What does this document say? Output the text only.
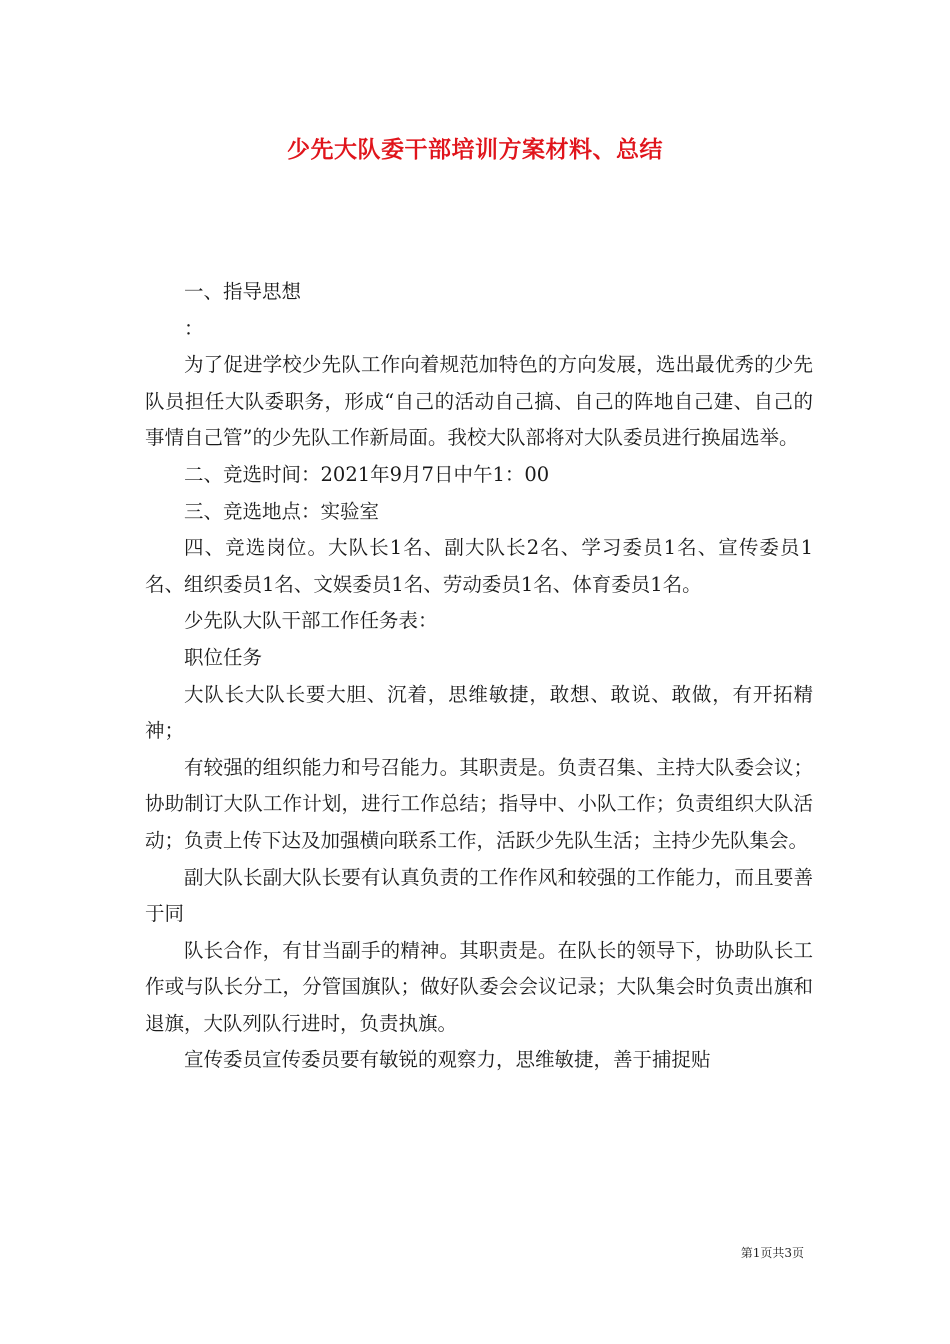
少先大队委干部培训方案材料、总结

一、指导思想

：

为了促进学校少先队工作向着规范加特色的方向发展，选出最优秀的少先队员担任大队委职务，形成“自己的活动自己搞、自己的阵地自己建、自己的事情自己管”的少先队工作新局面。我校大队部将对大队委员进行换届选举。

二、竞选时间：2021年9月7日中午1：00

三、竞选地点：实验室

四、竞选岗位。大队长1名、副大队长2名、学习委员1名、宣传委员1名、组织委员1名、文娱委员1名、劳动委员1名、体育委员1名。

少先队大队干部工作任务表：

职位任务

大队长大队长要大胆、沉着，思维敏捷，敢想、敢说、敢做，有开拓精神；

有较强的组织能力和号召能力。其职责是。负责召集、主持大队委会议；协助制订大队工作计划，进行工作总结；指导中、小队工作；负责组织大队活动；负责上传下达及加强横向联系工作，活跃少先队生活；主持少先队集会。

副大队长副大队长要有认真负责的工作作风和较强的工作能力，而且要善于同

队长合作，有甘当副手的精神。其职责是。在队长的领导下，协助队长工作或与队长分工，分管国旗队；做好队委会会议记录；大队集会时负责出旗和退旗，大队列队行进时，负责执旗。

宣传委员宣传委员要有敏锐的观察力，思维敏捷，善于捕捉贴

第1页共3页
